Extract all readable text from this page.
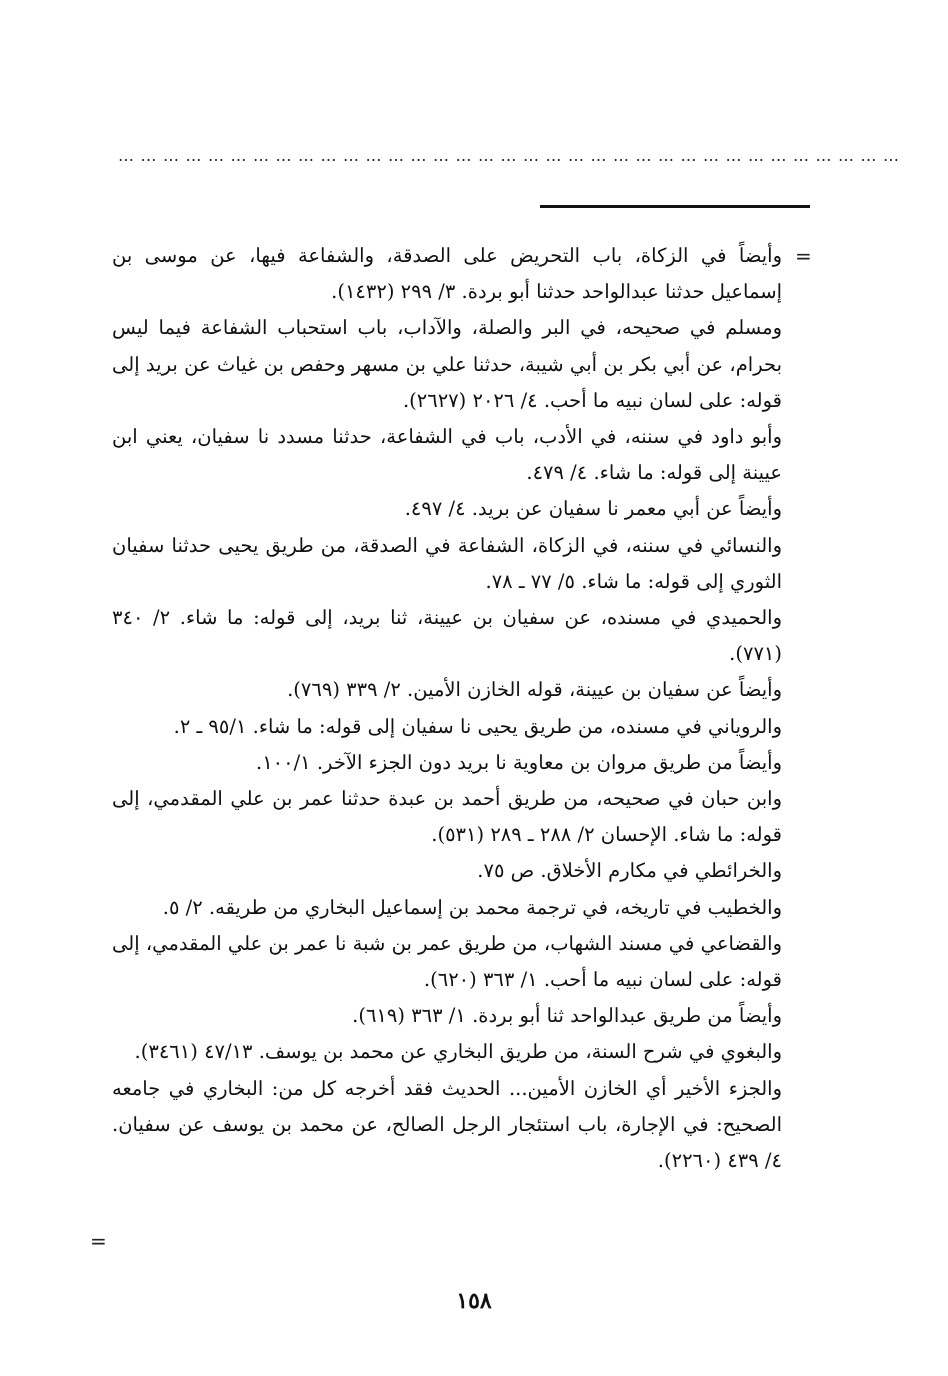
……………………………………………………………………………………………
=

وأيضاً في الزكاة، باب التحريض على الصدقة، والشفاعة فيها، عن موسى بن إسماعيل حدثنا عبدالواحد حدثنا أبو بردة. ٣/ ٢٩٩ (١٤٣٢).

ومسلم في صحيحه، في البر والصلة، والآداب، باب استحباب الشفاعة فيما ليس بحرام، عن أبي بكر بن أبي شيبة، حدثنا علي بن مسهر وحفص بن غياث عن بريد إلى قوله: على لسان نبيه ما أحب. ٤/ ٢٠٢٦ (٢٦٢٧).

وأبو داود في سننه، في الأدب، باب في الشفاعة، حدثنا مسدد نا سفيان، يعني ابن عيينة إلى قوله: ما شاء. ٤/ ٤٧٩.

وأيضاً عن أبي معمر نا سفيان عن بريد. ٤/ ٤٩٧.

والنسائي في سننه، في الزكاة، الشفاعة في الصدقة، من طريق يحيى حدثنا سفيان الثوري إلى قوله: ما شاء. ٥/ ٧٧ ـ ٧٨.

والحميدي في مسنده، عن سفيان بن عيينة، ثنا بريد، إلى قوله: ما شاء. ٢/ ٣٤٠ (٧٧١).

وأيضاً عن سفيان بن عيينة، قوله الخازن الأمين. ٢/ ٣٣٩ (٧٦٩).

والروياني في مسنده، من طريق يحيى نا سفيان إلى قوله: ما شاء. ٩٥/١ ـ ٢.

وأيضاً من طريق مروان بن معاوية نا بريد دون الجزء الآخر. ١٠٠/١.

وابن حبان في صحيحه، من طريق أحمد بن عبدة حدثنا عمر بن علي المقدمي، إلى قوله: ما شاء. الإحسان ٢/ ٢٨٨ ـ ٢٨٩ (٥٣١).

والخرائطي في مكارم الأخلاق. ص ٧٥.

والخطيب في تاريخه، في ترجمة محمد بن إسماعيل البخاري من طريقه. ٢/ ٥.

والقضاعي في مسند الشهاب، من طريق عمر بن شبة نا عمر بن علي المقدمي، إلى قوله: على لسان نبيه ما أحب. ١/ ٣٦٣ (٦٢٠).

وأيضاً من طريق عبدالواحد ثنا أبو بردة. ١/ ٣٦٣ (٦١٩).

والبغوي في شرح السنة، من طريق البخاري عن محمد بن يوسف. ٤٧/١٣ (٣٤٦١).

والجزء الأخير أي الخازن الأمين... الحديث فقد أخرجه كل من: البخاري في جامعه الصحيح: في الإجارة، باب استئجار الرجل الصالح، عن محمد بن يوسف عن سفيان. ٤/ ٤٣٩ (٢٢٦٠).

=
١٥٨
